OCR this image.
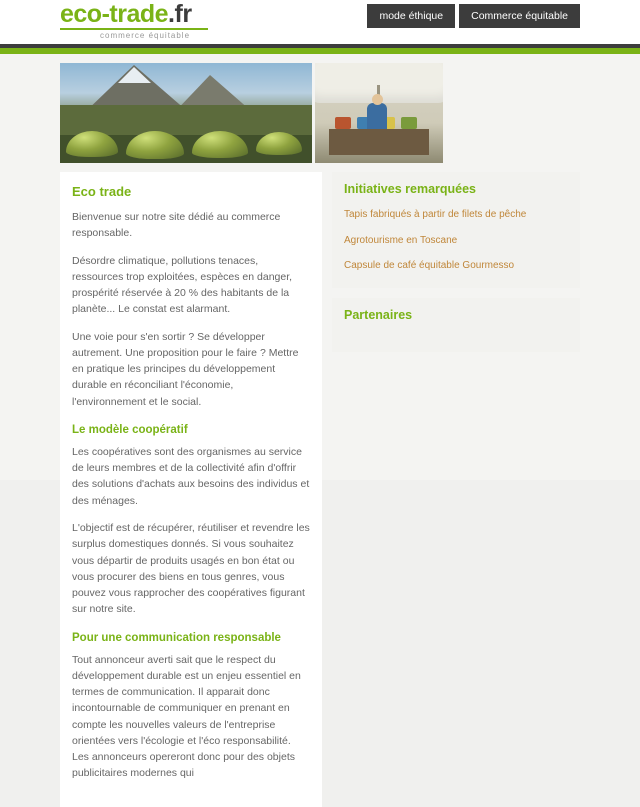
eco-trade.fr
commerce équitable
mode éthique	Commerce équitable
Eco trade

Bienvenue sur notre site dédié au commerce responsable.

Désordre climatique, pollutions tenaces, ressources trop exploitées, espèces en danger, prospérité réservée à 20 % des habitants de la planète... Le constat est alarmant.

Une voie pour s'en sortir ? Se développer autrement. Une proposition pour le faire ? Mettre en pratique les principes du développement durable en réconciliant l'économie, l'environnement et le social.

Le modèle coopératif

Les coopératives sont des organismes au service de leurs membres et de la collectivité afin d'offrir des solutions d'achats aux besoins des individus et des ménages.

L'objectif est de récupérer, réutiliser et revendre les surplus domestiques donnés. Si vous souhaitez vous départir de produits usagés en bon état ou vous procurer des biens en tous genres, vous pouvez vous rapprocher des coopératives figurant sur notre site.

Pour une communication responsable

Tout annonceur averti sait que le respect du développement durable est un enjeu essentiel en termes de communication. Il apparait donc incontournable de communiquer en prenant en compte les nouvelles valeurs de l'entreprise orientées vers l'écologie et l'éco responsabilité. Les annonceurs opereront donc pour des objets publicitaires modernes qui

Initiatives remarquées
Tapis fabriqués à partir de filets de pêche
Agrotourisme en Toscane
Capsule de café équitable Gourmesso
Partenaires
